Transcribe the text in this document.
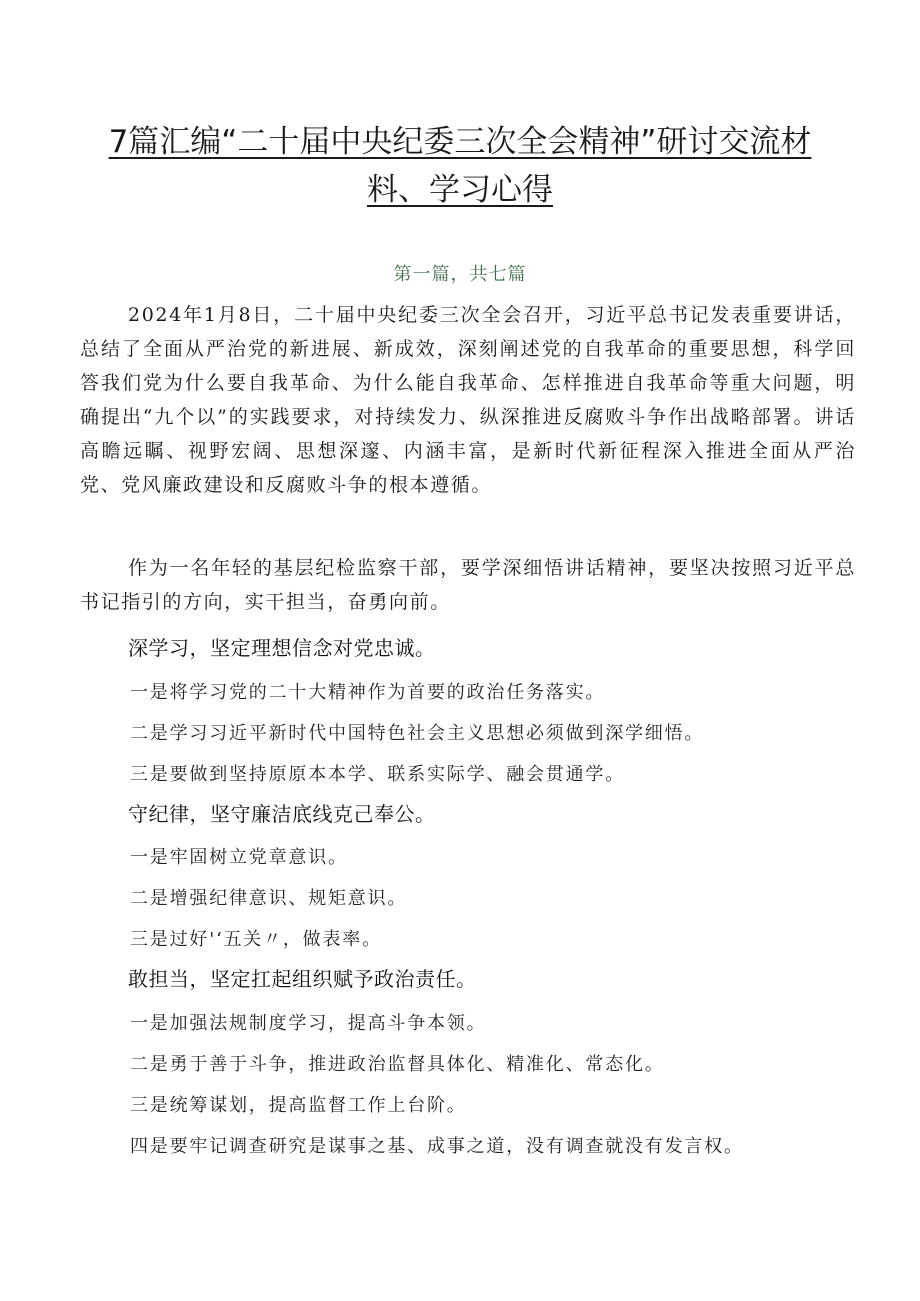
7篇汇编“二十届中央纪委三次全会精神”研讨交流材
料、学习心得
第一篇，共七篇

2024年1月8日，二十届中央纪委三次全会召开，习近平总书记发表重要讲话，总结了全面从严治党的新进展、新成效，深刻阐述党的自我革命的重要思想，科学回答我们党为什么要自我革命、为什么能自我革命、怎样推进自我革命等重大问题，明确提出“九个以”的实践要求，对持续发力、纵深推进反腐败斗争作出战略部署。讲话高瞻远瞩、视野宏阔、思想深邃、内涵丰富，是新时代新征程深入推进全面从严治党、党风廉政建设和反腐败斗争的根本遵循。

作为一名年轻的基层纪检监察干部，要学深细悟讲话精神，要坚决按照习近平总书记指引的方向，实干担当，奋勇向前。

深学习，坚定理想信念对党忠诚。
一是将学习党的二十大精神作为首要的政治任务落实。
二是学习习近平新时代中国特色社会主义思想必须做到深学细悟。
三是要做到坚持原原本本学、联系实际学、融会贯通学。
守纪律，坚守廉洁底线克己奉公。
一是牢固树立党章意识。
二是增强纪律意识、规矩意识。
三是过好'‘五关〃，做表率。
敢担当，坚定扛起组织赋予政治责任。
一是加强法规制度学习，提高斗争本领。
二是勇于善于斗争，推进政治监督具体化、精准化、常态化。
三是统筹谋划，提高监督工作上台阶。
四是要牢记调查研究是谋事之基、成事之道，没有调查就没有发言权。
